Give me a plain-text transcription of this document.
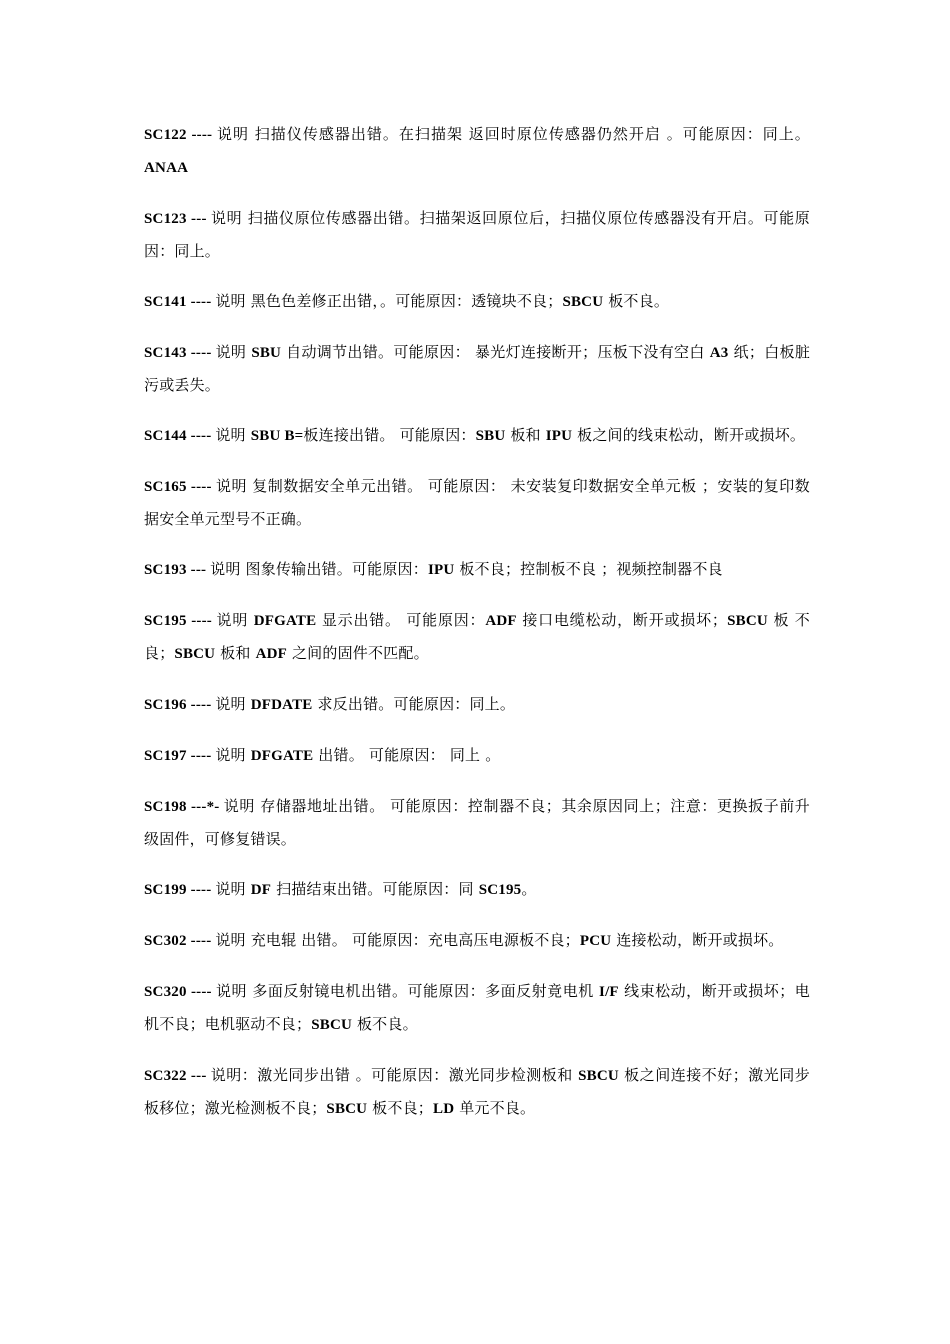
SC122 ---- 说明 扫描仪传感器出错。在扫描架 返回时原位传感器仍然开启 。可能原因：同上。ANAA

SC123 --- 说明 扫描仪原位传感器出错。扫描架返回原位后，扫描仪原位传感器没有开启。可能原因：同上。

SC141 ---- 说明 黑色色差修正出错，。可能原因：透镜块不良；SBCU 板不良。

SC143 ---- 说明 SBU 自动调节出错。可能原因： 暴光灯连接断开；压板下没有空白 A3 纸；白板脏污或丢失。

SC144 ---- 说明 SBU B=板连接出错。 可能原因：SBU 板和 IPU 板之间的线束松动，断开或损坏。

SC165 ---- 说明 复制数据安全单元出错。 可能原因： 未安装复印数据安全单元板 ；安装的复印数据安全单元型号不正确。

SC193 --- 说明 图象传输出错。可能原因：IPU 板不良；控制板不良 ；视频控制器不良

SC195 ---- 说明 DFGATE 显示出错。 可能原因：ADF 接口电缆松动，断开或损坏；SBCU 板 不良；SBCU 板和 ADF 之间的固件不匹配。

SC196 ---- 说明 DFDATE 求反出错。可能原因：同上。

SC197 ---- 说明 DFGATE 出错。 可能原因： 同上 。

SC198 ---*- 说明 存储器地址出错。 可能原因：控制器不良；其余原因同上；注意：更换扳子前升级固件，可修复错误。

SC199 ---- 说明 DF 扫描结束出错。可能原因：同 SC195。

SC302 ---- 说明 充电辊 出错。 可能原因：充电高压电源板不良；PCU 连接松动，断开或损坏。

SC320 ---- 说明 多面反射镜电机出错。可能原因：多面反射竟电机 I/F 线束松动，断开或损坏；电机不良；电机驱动不良；SBCU 板不良。

SC322 --- 说明：激光同步出错 。可能原因：激光同步检测板和 SBCU 板之间连接不好；激光同步板移位；激光检测板不良；SBCU 板不良；LD 单元不良。
